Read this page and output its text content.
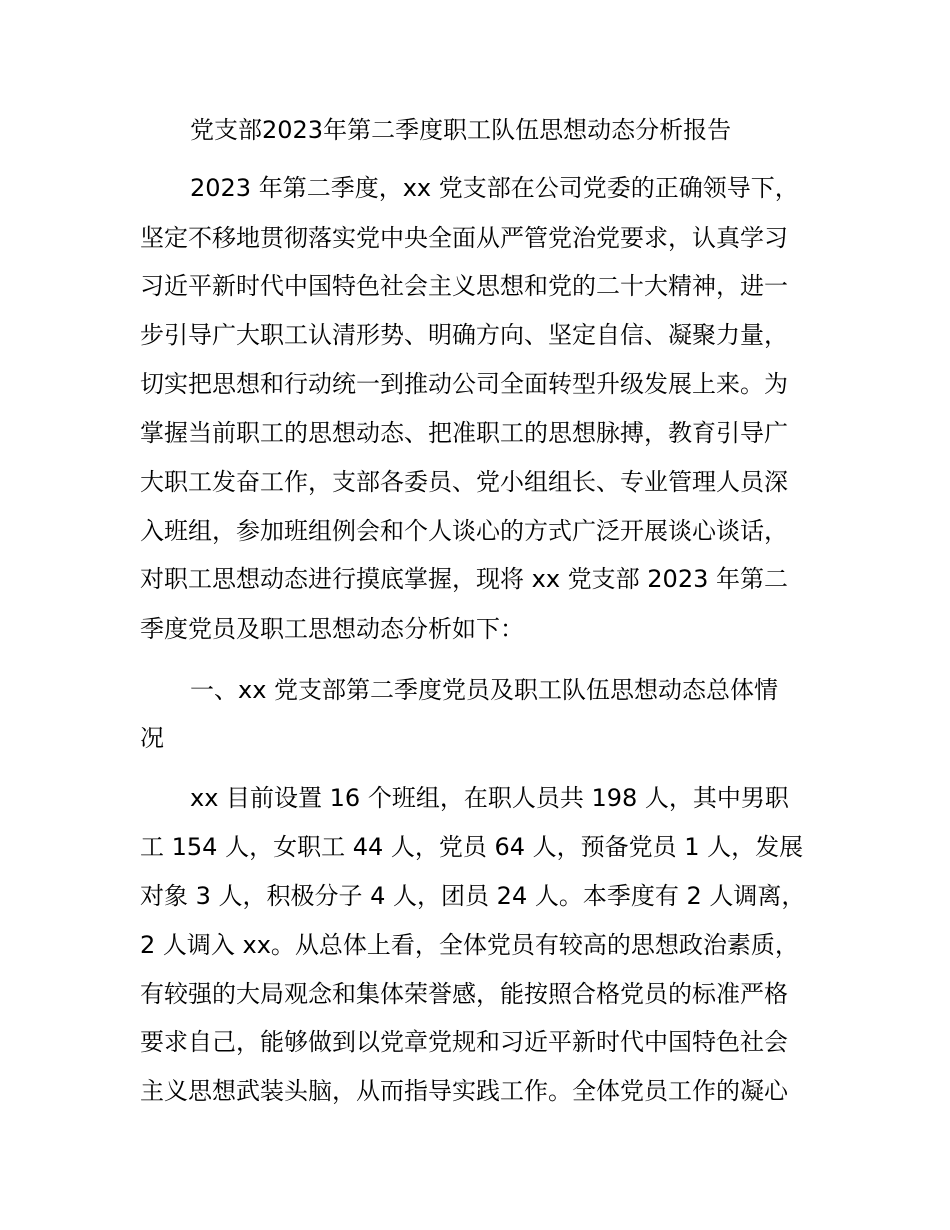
党支部2023年第二季度职工队伍思想动态分析报告
2023 年第二季度，xx 党支部在公司党委的正确领导下，
坚定不移地贯彻落实党中央全面从严管党治党要求，认真学习
习近平新时代中国特色社会主义思想和党的二十大精神，进一
步引导广大职工认清形势、明确方向、坚定自信、凝聚力量，
切实把思想和行动统一到推动公司全面转型升级发展上来。为
掌握当前职工的思想动态、把准职工的思想脉搏，教育引导广
大职工发奋工作，支部各委员、党小组组长、专业管理人员深
入班组，参加班组例会和个人谈心的方式广泛开展谈心谈话，
对职工思想动态进行摸底掌握，现将 xx 党支部 2023 年第二
季度党员及职工思想动态分析如下：
一、xx 党支部第二季度党员及职工队伍思想动态总体情
况
xx 目前设置 16 个班组，在职人员共 198 人，其中男职
工 154 人，女职工 44 人，党员 64 人，预备党员 1 人，发展
对象 3 人，积极分子 4 人，团员 24 人。本季度有 2 人调离，
2 人调入 xx。从总体上看，全体党员有较高的思想政治素质，
有较强的大局观念和集体荣誉感，能按照合格党员的标准严格
要求自己，能够做到以党章党规和习近平新时代中国特色社会
主义思想武装头脑，从而指导实践工作。全体党员工作的凝心
